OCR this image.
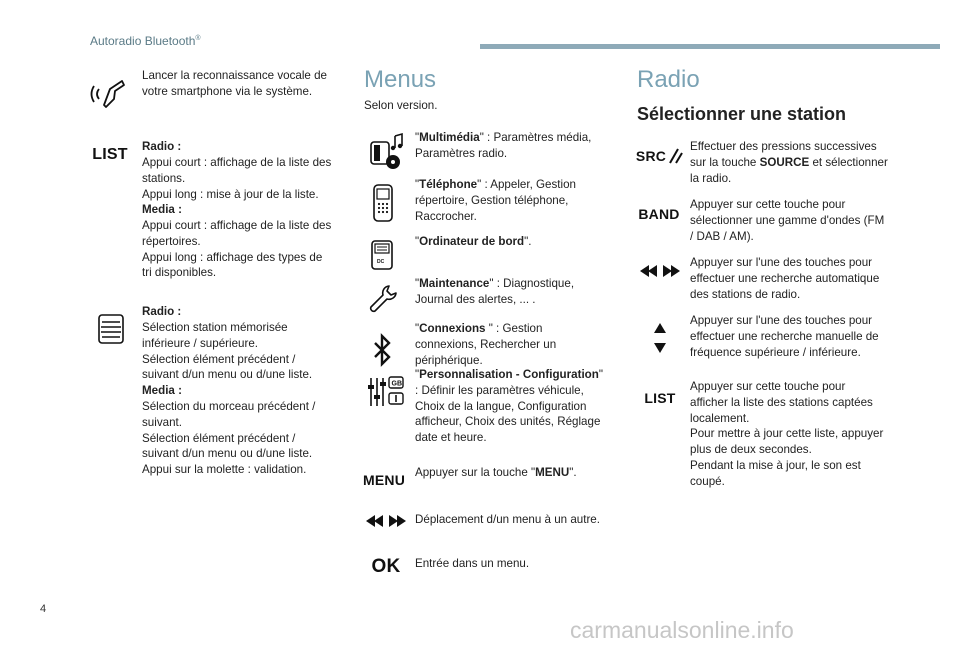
Autoradio Bluetooth®
Lancer la reconnaissance vocale de votre smartphone via le système.
LIST Radio :
Appui court : affichage de la liste des stations.
Appui long : mise à jour de la liste.
Media :
Appui court : affichage de la liste des répertoires.
Appui long : affichage des types de tri disponibles.
Radio :
Sélection station mémorisée inférieure / supérieure.
Sélection élément précédent / suivant d/un menu ou d/une liste.
Media :
Sélection du morceau précédent / suivant.
Sélection élément précédent / suivant d/un menu ou d/une liste.
Appui sur la molette : validation.
Menus
Selon version.
"Multimédia" : Paramètres média, Paramètres radio.
"Téléphone" : Appeler, Gestion répertoire, Gestion téléphone, Raccrocher.
DC
"Ordinateur de bord".
"Maintenance" : Diagnostique, Journal des alertes, ... .
"Connexions " : Gestion connexions, Rechercher un périphérique.
GB
"Personnalisation - Configuration" : Définir les paramètres véhicule, Choix de la langue, Configuration afficheur, Choix des unités, Réglage date et heure.
MENU Appuyer sur la touche "MENU".
Déplacement d/un menu à un autre.
OK Entrée dans un menu.
Radio
Sélectionner une station
SRC
Effectuer des pressions successives sur la touche SOURCE et sélectionner la radio.
BAND
Appuyer sur cette touche pour sélectionner une gamme d'ondes (FM / DAB / AM).
Appuyer sur l'une des touches pour effectuer une recherche automatique des stations de radio.
Appuyer sur l'une des touches pour effectuer une recherche manuelle de fréquence supérieure / inférieure.
LIST
Appuyer sur cette touche pour afficher la liste des stations captées localement.
Pour mettre à jour cette liste, appuyer plus de deux secondes.
Pendant la mise à jour, le son est coupé.
4
carmanualsonline.info
